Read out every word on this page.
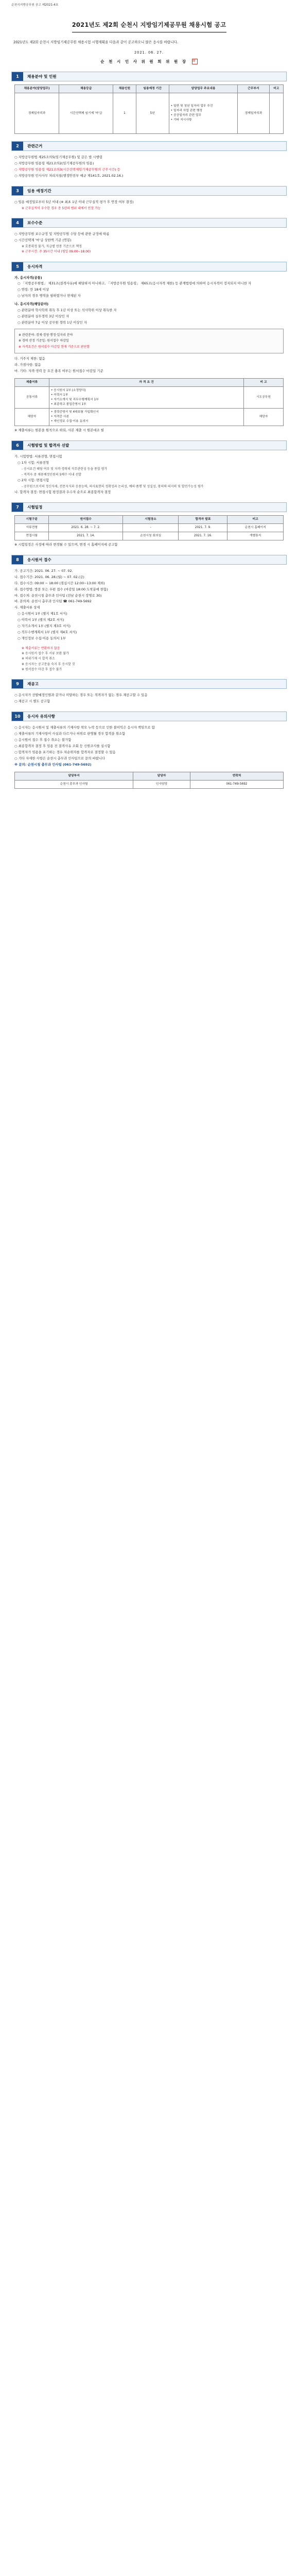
순천시지방공무원 공고 제2021-4호
2021년도 제2회 순천시 지방임기제공무원 채용시험 공고
2021년도 제2회 순천시 지방임기제공무원 채용시험 시행계획을 다음과 같이 공고하오니 많은 응시를 바랍니다.
2021. 06. 27.
순 천 시 인 사 위 원 회 위 원 장 印
1	채용분야 및 인원
채용분야(담당업무)	채용등급	채용인원	임용예정 기간	담당업무 주요내용	근무부서	비고
경제일자리과	시간선택제 임기제 '마'급	1	5년	• 일반 및 청년 일자리 업무 추진
• 일자리 사업 관련 행정
• 공공일자리 관련 업무
• 기타 지시사항	경제일자리과	
2	관련근거
○ 지방공무원법 제25조의5(임기제공무원) 및 같은 법 시행령
○ 지방공무원 임용령 제21조의2(임기제공무원의 임용)
○ 지방공무원 임용령 제21조의3(시간선택제임기제공무원의 근무시간) 등
○ 지방공무원 인사사무 처리지침(행정안전부 예규 제141호, 2021.02.16.)
3	임용 예정기간
○ 임용 예정일로부터 5년 이내 (※ 최초 1년 이내 근무실적 평가 후 연장 여부 결정)
※ 근무실적이 우수한 경우 총 5년의 범위 내에서 연장 가능
4	보수수준
○ 지방공무원 보수규정 및 지방공무원 수당 등에 관한 규정에 따름
○ 시간선택제 '마'급 상한액 기준 (연봉)
※ 호봉획정 불가, 직급별 연봉 기준으로 책정
※ 근무시간: 주 35시간 이내 (평일 09:00~18:00)
5	응시자격
가. 응시자격(공통)
○ 「지방공무원법」 제31조(결격사유)에 해당하지 아니하고, 「지방공무원 임용령」 제65조(응시자격 제한) 등 관계법령에 의하여 응시자격이 정지되지 아니한 자
○ 연령: 만 18세 이상
○ 남자의 경우 병역을 필하였거나 면제된 자
나. 응시자격(해당분야)
○ 관련분야 학사학위 취득 후 1년 이상 또는 석사학위 이상 취득한 자
○ 관련분야 실무경력 3년 이상인 자
○ 관련분야 7급 이상 공무원 경력 1년 이상인 자
※ 관련분야: 경제·경영·행정·일자리 분야
※ 경력 산정 기준일: 원서접수 마감일
※ 자격요건은 원서접수 마감일 현재 기준으로 판단함
다. 거주지 제한: 없음
라. 가점사항: 없음
마. 기타: 자격·경력 등 요건 충족 여부는 원서접수 마감일 기준
제출서류	자 격 요 건	비 고
공통서류	• 응시원서 1부 (소정양식)
• 이력서 1부
• 자기소개서 및 직무수행계획서 1부
• 최종학교 졸업증명서 1부	시도공무원
해당자	• 경력증명서 및 4대보험 가입확인서
• 자격증 사본
• 개인정보 수집·이용 동의서	해당자
※ 제출서류는 원본을 원칙으로 하되, 사본 제출 시 원본대조 필
6	시험방법 및 합격자 선발
가. 시험방법: 서류전형, 면접시험
○ 1차 시험: 서류전형
- 응시요건 해당 여부 및 자격·경력의 직무관련성 등을 종합 평가
- 적격자 중 채용예정인원의 5배수 이내 선발
○ 2차 시험: 면접시험
- 공무원으로서의 정신자세, 전문지식과 응용능력, 의사표현의 정확성과 논리성, 예의·품행 및 성실성, 창의력·의지력 및 발전가능성 평가
나. 합격자 결정: 면접시험 평정결과 우수자 순으로 최종합격자 결정
7	시험일정
시험구분	원서접수	시험장소	합격자 발표	비고
서류전형	2021. 6. 28. ~ 7. 2.	-	2021. 7. 9.	순천시 홈페이지
면접시험	2021. 7. 14.	순천시청 회의실	2021. 7. 16.	개별통지
※ 시험일정은 사정에 따라 변경될 수 있으며, 변경 시 홈페이지에 공고함
8	응시원서 접수
가. 공고기간: 2021. 06. 27. ~ 07. 02.
나. 접수기간: 2021. 06. 28.(월) ~ 07. 02.(금)
다. 접수시간: 09:00 ~ 18:00 (점심시간 12:00~13:00 제외)
라. 접수방법: 방문 또는 우편 접수 (마감일 18:00 도착분에 한함)
마. 접수처: 순천시청 총무과 인사팀 (전남 순천시 장명로 30)
바. 문의처: 순천시 총무과 인사팀 ☎ 061-749-5692
사. 제출서류 상세
○ 응시원서 1부 (별지 제1호 서식)
○ 이력서 1부 (별지 제2호 서식)
○ 자기소개서 1부 (별지 제3호 서식)
○ 직무수행계획서 1부 (별지 제4호 서식)
○ 개인정보 수집·이용 동의서 1부
※ 제출서류는 반환하지 않음
※ 응시원서 접수 후 서류 보완 불가
※ 허위기재 시 합격 취소
※ 응시자는 공고문을 숙지 후 응시할 것
※ 원서접수 마감 후 접수 불가
9	재공고
○ 응시자가 선발예정인원과 같거나 미달하는 경우 또는 적격자가 없는 경우 재공고할 수 있음
○ 재공고 시 별도 공고함
10	응시자 유의사항
○ 응시자는 응시원서 및 제출서류의 기재사항 착오 누락 등으로 인한 불이익은 응시자 책임으로 함
○ 제출서류의 기재사항이 사실과 다르거나 허위로 판명될 경우 합격을 취소함
○ 응시원서 접수 후 접수 취소는 불가함
○ 최종합격자 결정 후 임용 전 결격사유 조회 등 신원조사를 실시함
○ 합격자가 임용을 포기하는 경우 차순위자를 합격자로 결정할 수 있음
○ 기타 자세한 사항은 순천시 총무과 인사팀으로 문의 바랍니다
※ 문의: 순천시청 총무과 인사팀 (061-749-5692)
담당부서	담당자	연락처
순천시 총무과 인사팀	인사담당	061-749-5692
